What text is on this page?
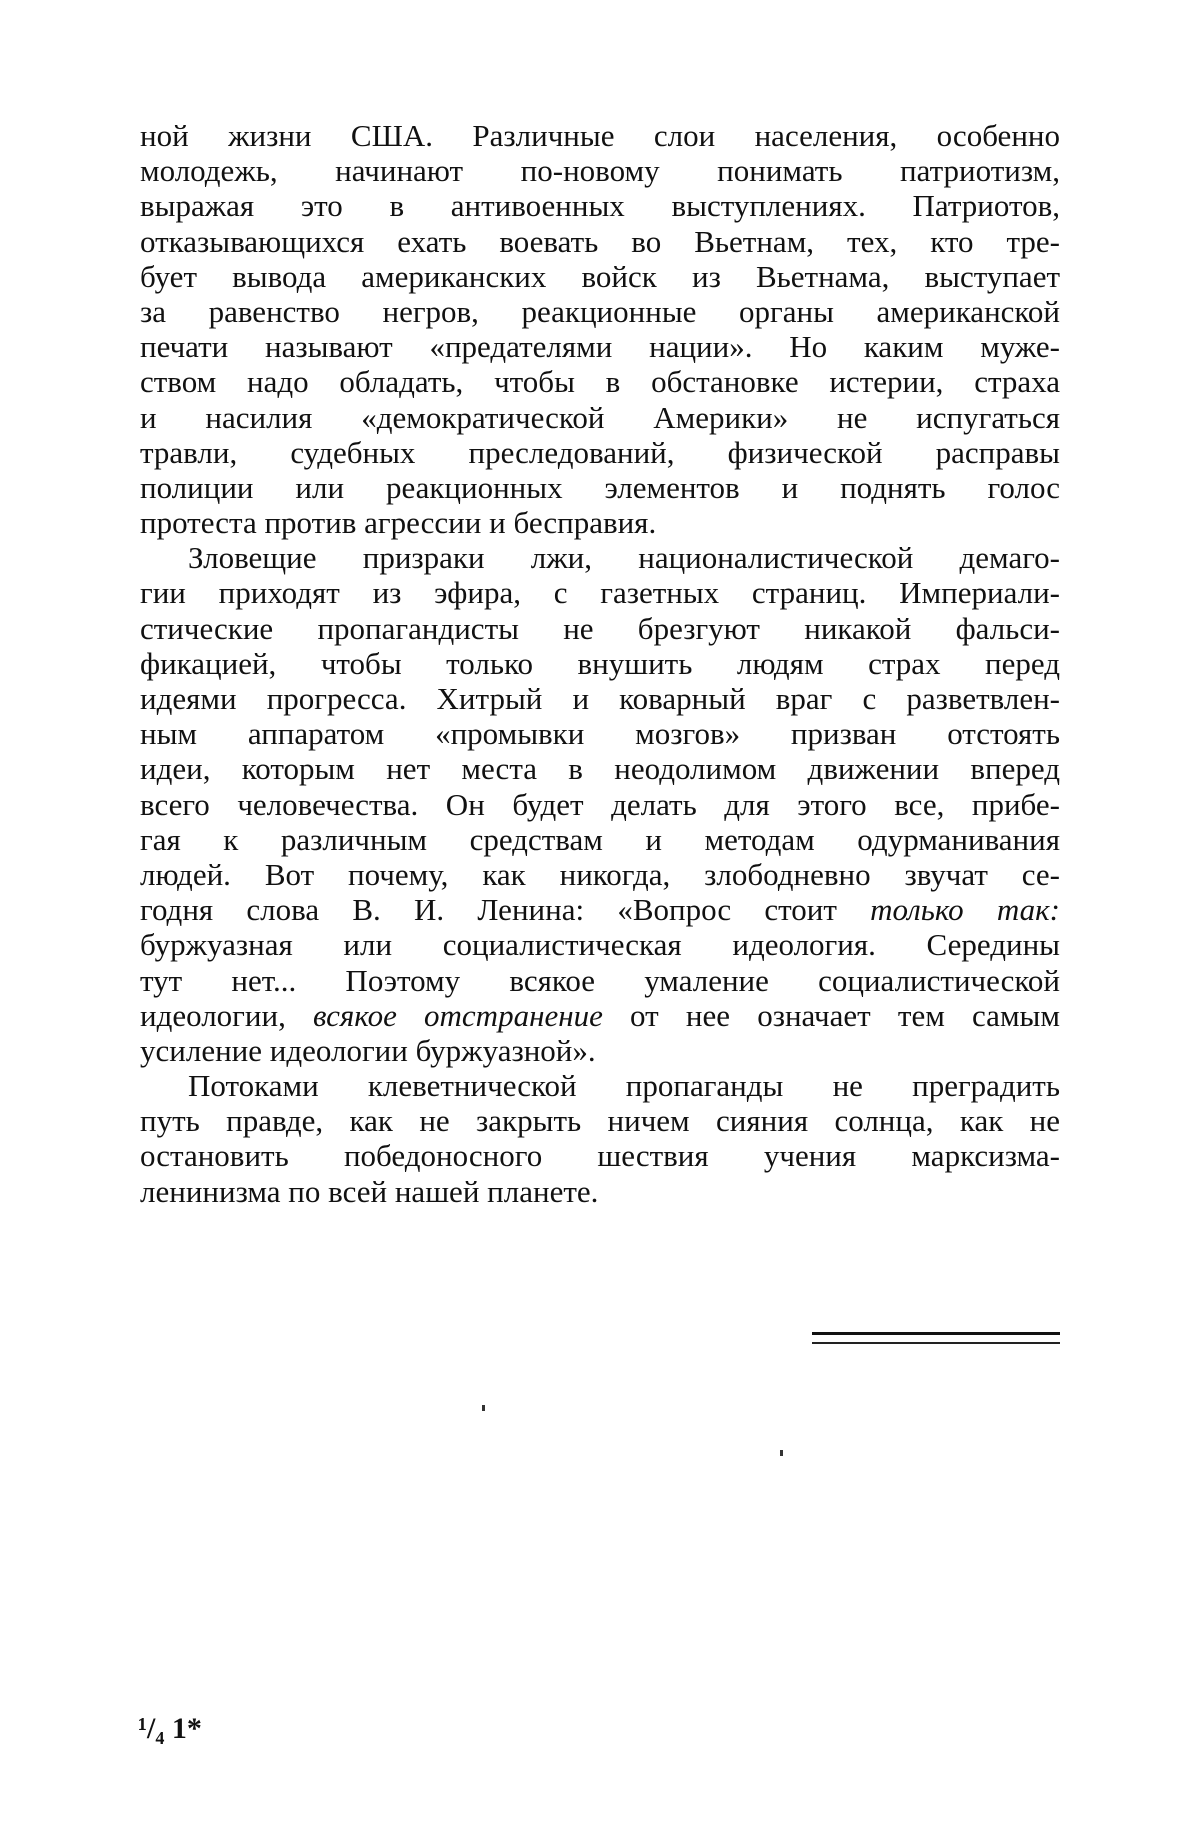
ной жизни США. Различные слои населения, особенно
молодежь, начинают по-новому понимать патриотизм,
выражая это в антивоенных выступлениях. Патриотов,
отказывающихся ехать воевать во Вьетнам, тех, кто тре-
бует вывода американских войск из Вьетнама, выступает
за равенство негров, реакционные органы американской
печати называют «предателями нации». Но каким муже-
ством надо обладать, чтобы в обстановке истерии, страха
и насилия «демократической Америки» не испугаться
травли, судебных преследований, физической расправы
полиции или реакционных элементов и поднять голос
протеста против агрессии и бесправия.
Зловещие призраки лжи, националистической демаго-
гии приходят из эфира, с газетных страниц. Империали-
стические пропагандисты не брезгуют никакой фальси-
фикацией, чтобы только внушить людям страх перед
идеями прогресса. Хитрый и коварный враг с разветвлен-
ным аппаратом «промывки мозгов» призван отстоять
идеи, которым нет места в неодолимом движении вперед
всего человечества. Он будет делать для этого все, прибе-
гая к различным средствам и методам одурманивания
людей. Вот почему, как никогда, злободневно звучат се-
годня слова В. И. Ленина: «Вопрос стоит только так:
буржуазная или социалистическая идеология. Середины
тут нет... Поэтому всякое умаление социалистической
идеологии, всякое отстранение от нее означает тем самым
усиление идеологии буржуазной».
Потоками клеветнической пропаганды не преградить
путь правде, как не закрыть ничем сияния солнца, как не
остановить победоносного шествия учения марксизма-
ленинизма по всей нашей планете.
¹/₄ 1*
